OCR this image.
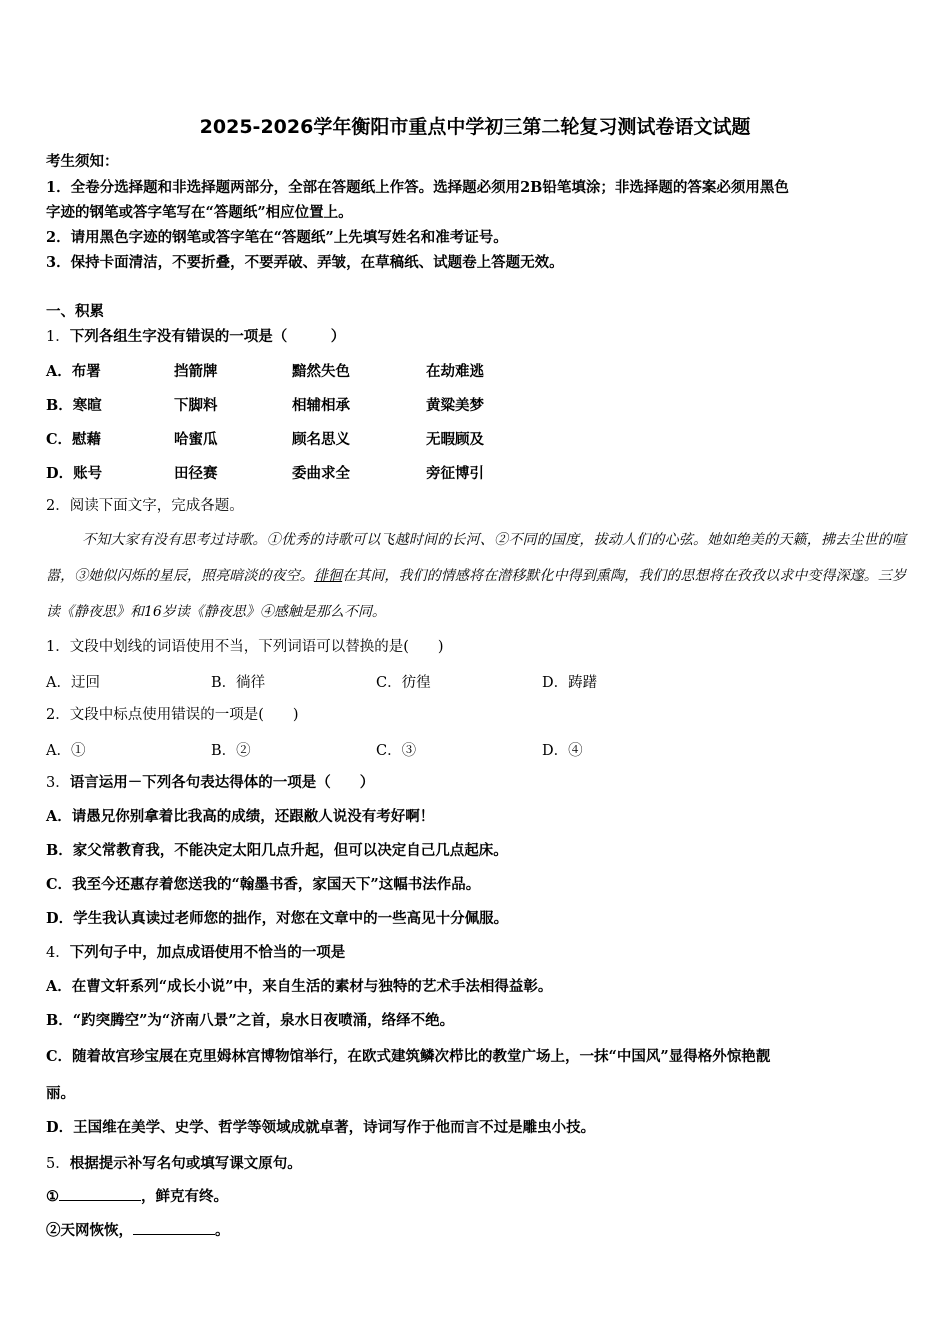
2025-2026学年衡阳市重点中学初三第二轮复习测试卷语文试题
考生须知：
1．全卷分选择题和非选择题两部分，全部在答题纸上作答。选择题必须用2B铅笔填涂；非选择题的答案必须用黑色
字迹的钢笔或答字笔写在“答题纸”相应位置上。
2．请用黑色字迹的钢笔或答字笔在“答题纸”上先填写姓名和准考证号。
3．保持卡面清洁，不要折叠，不要弄破、弄皱，在草稿纸、试题卷上答题无效。
一、积累
1．下列各组生字没有错误的一项是（　　　）
A．布署	挡箭牌	黯然失色	在劫难逃
B．寒暄	下脚料	相辅相承	黄粱美梦
C．慰藉	哈蜜瓜	顾名思义	无暇顾及
D．账号	田径赛	委曲求全	旁征博引
2．阅读下面文字，完成各题。
不知大家有没有思考过诗歌。①优秀的诗歌可以飞越时间的长河、②不同的国度，拔动人们的心弦。她如绝美的天籁，拂去尘世的喧嚣，③她似闪烁的星辰，照亮暗淡的夜空。徘徊在其间，我们的情感将在潜移默化中得到熏陶，我们的思想将在孜孜以求中变得深邃。三岁读《静夜思》和16岁读《静夜思》④感触是那么不同。
1．文段中划线的词语使用不当，下列词语可以替换的是(　　)
A．迂回	B．徜徉	C．彷徨	D．踌躇
2．文段中标点使用错误的一项是(　　)
A．①	B．②	C．③	D．④
3．语言运用－下列各句表达得体的一项是（　　）
A．请愚兄你别拿着比我高的成绩，还跟敝人说没有考好啊！
B．家父常教育我，不能决定太阳几点升起，但可以决定自己几点起床。
C．我至今还惠存着您送我的“翰墨书香，家国天下”这幅书法作品。
D．学生我认真读过老师您的拙作，对您在文章中的一些高见十分佩服。
4．下列句子中，加点成语使用不恰当的一项是
A．在曹文轩系列“成长小说”中，来自生活的素材与独特的艺术手法相得益彰。
B．“趵突腾空”为“济南八景”之首，泉水日夜喷涌，络绎不绝。
C．随着故宫珍宝展在克里姆林宫博物馆举行，在欧式建筑鳞次栉比的教堂广场上，一抹“中国风”显得格外惊艳靓
丽。
D．王国维在美学、史学、哲学等领域成就卓著，诗词写作于他而言不过是雕虫小技。
5．根据提示补写名句或填写课文原句。
①	，鲜克有终。
②天网恢恢，	。
